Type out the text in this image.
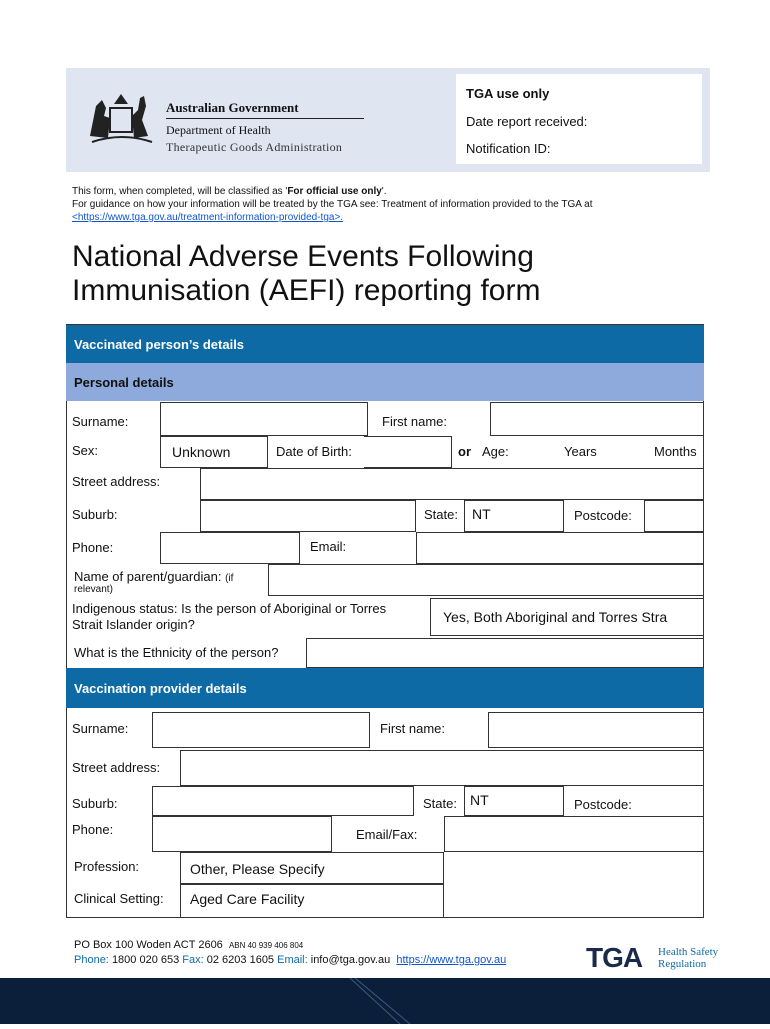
Australian Government
Department of Health
Therapeutic Goods Administration
TGA use only
Date report received:
Notification ID:
This form, when completed, will be classified as 'For official use only'.
For guidance on how your information will be treated by the TGA see: Treatment of information provided to the TGA at
<https://www.tga.gov.au/treatment-information-provided-tga>.
National Adverse Events Following
Immunisation (AEFI) reporting form
Vaccinated person’s details
Personal details
Surname:	First name:
Sex:	Unknown	Date of Birth:	or Age:	Years	Months
Street address:
Suburb:	State: NT	Postcode:
Phone:	Email:
Name of parent/guardian: (if
relevant)
Indigenous status: Is the person of Aboriginal or Torres
Strait Islander origin?	Yes, Both Aboriginal and Torres Stra
What is the Ethnicity of the person?
Vaccination provider details
Surname:	First name:
Street address:
Suburb:	State: NT	Postcode:
Phone:	Email/Fax:
Profession:	Other, Please Specify
Clinical Setting: Aged Care Facility
PO Box 100 Woden ACT 2606 ABN 40 939 406 804
Phone: 1800 020 653 Fax: 02 6203 1605 Email: info@tga.gov.au https://www.tga.gov.au	TGA Health Safety
Regulation
